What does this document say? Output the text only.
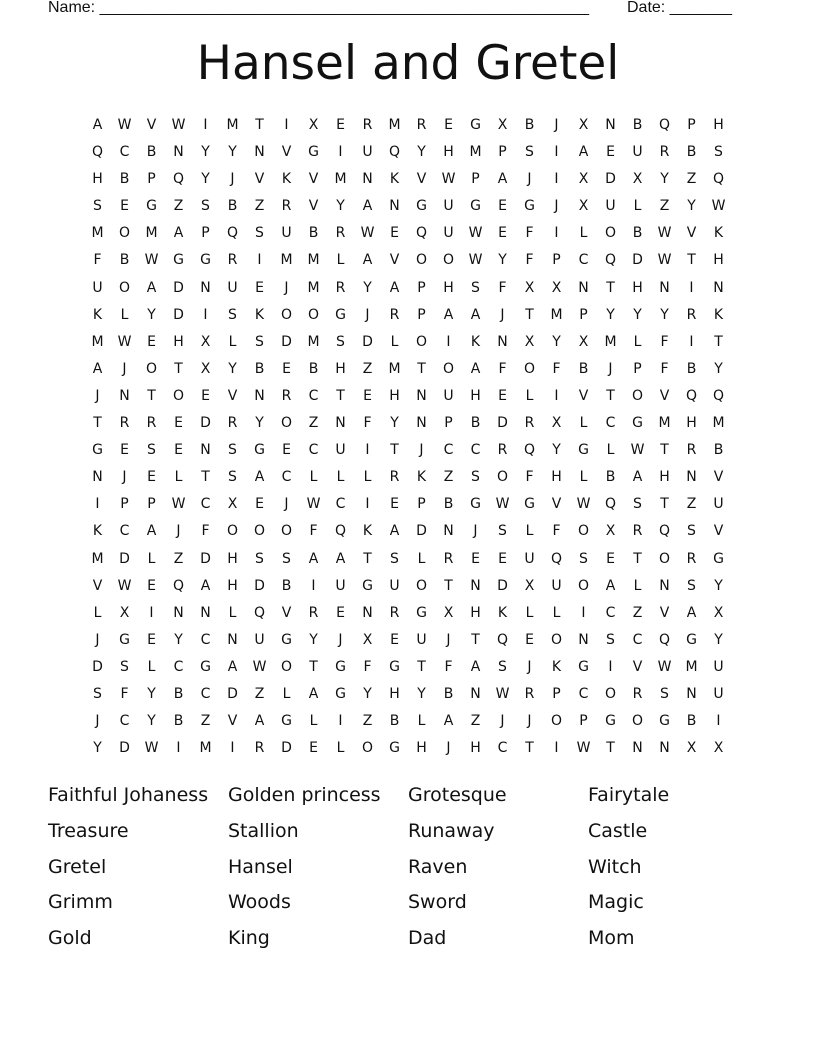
Name: _______________________________________________________ Date: _______
Hansel and Gretel
A	W	V	W	I	M	T	I	X	E	R	M	R	E	G	X	B	J	X	N	B	Q	P	H
Q	C	B	N	Y	Y	N	V	G	I	U	Q	Y	H	M	P	S	I	A	E	U	R	B	S
H	B	P	Q	Y	J	V	K	V	M	N	K	V	W	P	A	J	I	X	D	X	Y	Z	Q
S	E	G	Z	S	B	Z	R	V	Y	A	N	G	U	G	E	G	J	X	U	L	Z	Y	W
M	O	M	A	P	Q	S	U	B	R	W	E	Q	U	W	E	F	I	L	O	B	W	V	K
F	B	W	G	G	R	I	M	M	L	A	V	O	O	W	Y	F	P	C	Q	D	W	T	H
U	O	A	D	N	U	E	J	M	R	Y	A	P	H	S	F	X	X	N	T	H	N	I	N
K	L	Y	D	I	S	K	O	O	G	J	R	P	A	A	J	T	M	P	Y	Y	Y	R	K
M	W	E	H	X	L	S	D	M	S	D	L	O	I	K	N	X	Y	X	M	L	F	I	T
A	J	O	T	X	Y	B	E	B	H	Z	M	T	O	A	F	O	F	B	J	P	F	B	Y
J	N	T	O	E	V	N	R	C	T	E	H	N	U	H	E	L	I	V	T	O	V	Q	Q
T	R	R	E	D	R	Y	O	Z	N	F	Y	N	P	B	D	R	X	L	C	G	M	H	M
G	E	S	E	N	S	G	E	C	U	I	T	J	C	C	R	Q	Y	G	L	W	T	R	B
N	J	E	L	T	S	A	C	L	L	L	R	K	Z	S	O	F	H	L	B	A	H	N	V
I	P	P	W	C	X	E	J	W	C	I	E	P	B	G	W	G	V	W	Q	S	T	Z	U
K	C	A	J	F	O	O	O	F	Q	K	A	D	N	J	S	L	F	O	X	R	Q	S	V
M	D	L	Z	D	H	S	S	A	A	T	S	L	R	E	E	U	Q	S	E	T	O	R	G
V	W	E	Q	A	H	D	B	I	U	G	U	O	T	N	D	X	U	O	A	L	N	S	Y
L	X	I	N	N	L	Q	V	R	E	N	R	G	X	H	K	L	L	I	C	Z	V	A	X
J	G	E	Y	C	N	U	G	Y	J	X	E	U	J	T	Q	E	O	N	S	C	Q	G	Y
D	S	L	C	G	A	W	O	T	G	F	G	T	F	A	S	J	K	G	I	V	W	M	U
S	F	Y	B	C	D	Z	L	A	G	Y	H	Y	B	N	W	R	P	C	O	R	S	N	U
J	C	Y	B	Z	V	A	G	L	I	Z	B	L	A	Z	J	J	O	P	G	O	G	B	I
Y	D	W	I	M	I	R	D	E	L	O	G	H	J	H	C	T	I	W	T	N	N	X	X
Faithful Johaness	Golden princess	Grotesque	Fairytale
Treasure	Stallion	Runaway	Castle
Gretel	Hansel	Raven	Witch
Grimm	Woods	Sword	Magic
Gold	King	Dad	Mom
